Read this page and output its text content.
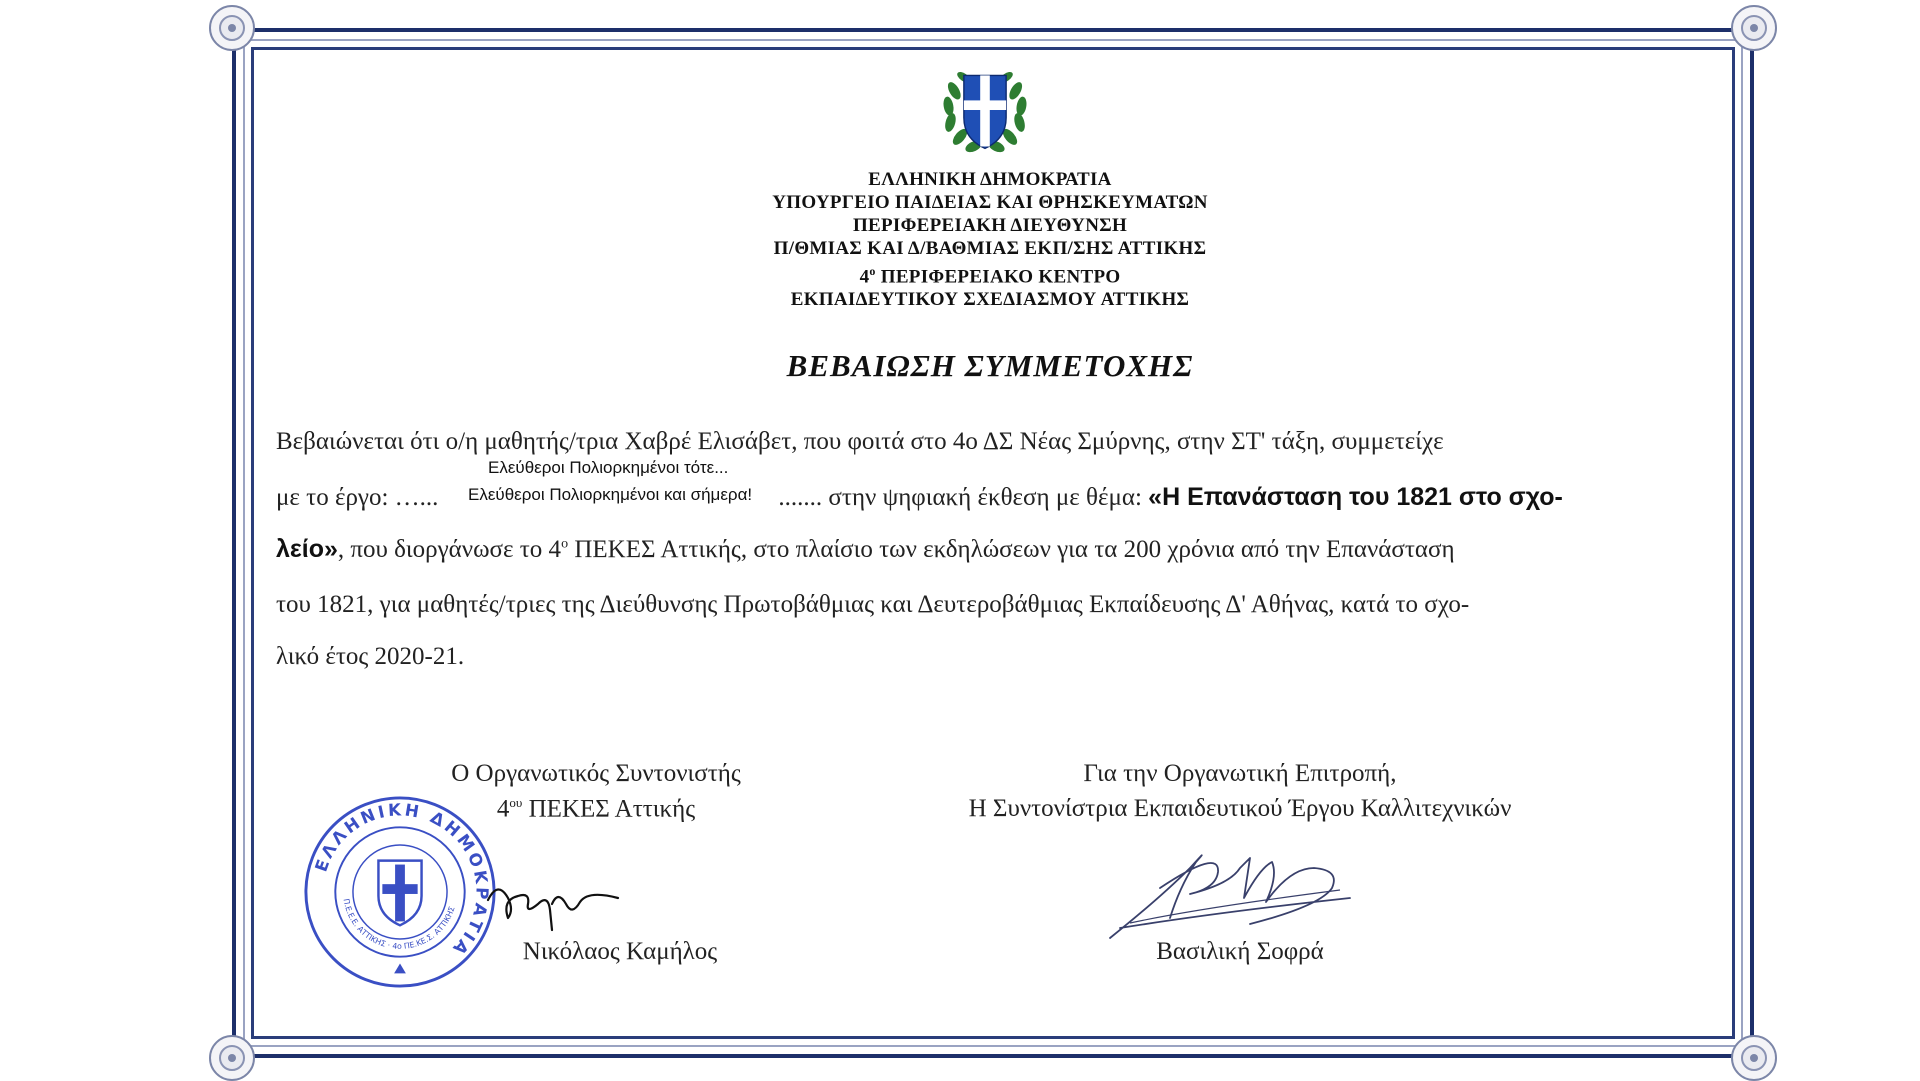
ΕΛΛΗΝΙΚΗ ΔΗΜΟΚΡΑΤΙΑ
ΥΠΟΥΡΓΕΙΟ ΠΑΙΔΕΙΑΣ ΚΑΙ ΘΡΗΣΚΕΥΜΑΤΩΝ
ΠΕΡΙΦΕΡΕΙΑΚΗ ΔΙΕΥΘΥΝΣΗ
Π/ΘΜΙΑΣ ΚΑΙ Δ/ΒΑΘΜΙΑΣ ΕΚΠ/ΣΗΣ ΑΤΤΙΚΗΣ
$4^o$ ΠΕΡΙΦΕΡΕΙΑΚΟ ΚΕΝΤΡΟ
ΕΚΠΑΙΔΕΥΤΙΚΟΥ ΣΧΕΔΙΑΣΜΟΥ ΑΤΤΙΚΗΣ
ΒΕΒΑΙΩΣΗ ΣΥΜΜΕΤΟΧΗΣ
Βεβαιώνεται ότι ο/η μαθητής/τρια Χαβρέ Ελισάβετ, που φοιτά στο 4ο ΔΣ Νέας Σμύρνης, στην ΣΤ' τάξη, συμμετείχε
Ελεύθεροι Πολιορκημένοι τότε...
Ελεύθεροι Πολιορκημένοι και σήμερα!
με το έργο: …...	....... στην ψηφιακή έκθεση με θέμα: «Η Επανάσταση του 1821 στο σχο-
λείο», που διοργάνωσε το $4^o$ ΠΕΚΕΣ Αττικής, στο πλαίσιο των εκδηλώσεων για τα 200 χρόνια από την Επανάσταση
του 1821, για μαθητές/τριες της Διεύθυνσης Πρωτοβάθμιας και Δευτεροβάθμιας Εκπαίδευσης Δ' Αθήνας, κατά το σχο-
λικό έτος 2020-21.
Ο Οργανωτικός Συντονιστής
$4^{o\upsilon}$ ΠΕΚΕΣ Αττικής
Νικόλαος Καμήλος
ΕΛΛΗΝΙΚΗ ΔΗΜΟΚΡΑΤΙΑ
Π.Ε.Ε.Ε. ΑΤΤΙΚΗΣ · 4ο ΠΕ.ΚΕ.Σ. ΑΤΤΙΚΗΣ
Για την Οργανωτική Επιτροπή,
Η Συντονίστρια Εκπαιδευτικού Έργου Καλλιτεχνικών
Βασιλική Σοφρά
